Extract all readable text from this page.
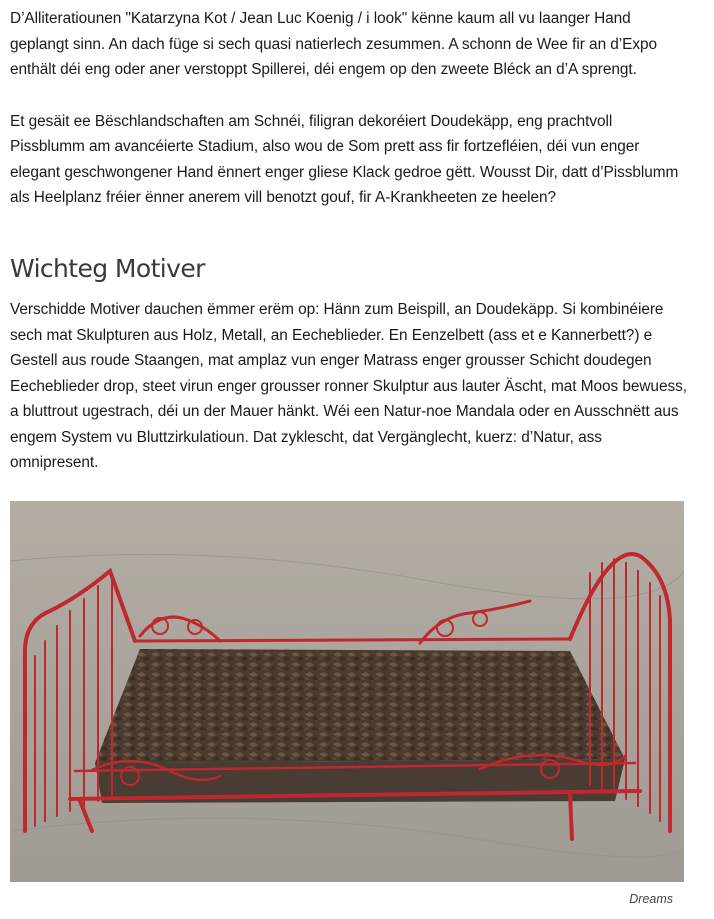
D’Alliteratiounen "Katarzyna Kot / Jean Luc Koenig / i look" kënne kaum all vu laanger Hand geplangt sinn. An dach füge si sech quasi natierlech zesummen. A schonn de Wee fir an d’Expo enthält déi eng oder aner verstoppt Spillerei, déi engem op den zweete Bléck an d’A sprengt.

Et gesäit ee Bëschlandschaften am Schnéi, filigran dekoréiert Doudekäpp, eng prachtvoll Pissblumm am avancéierte Stadium, also wou de Som prett ass fir fortzefléien, déi vun enger elegant geschwongener Hand ënnert enger gliese Klack gedroe gëtt. Wousst Dir, datt d’Pissblumm als Heelplanz fréier ënner anerem vill benotzt gouf, fir A-Krankheeten ze heelen?

Wichteg Motiver

Verschidde Motiver dauchen ëmmer erëm op: Hänn zum Beispill, an Doudekäpp. Si kombinéiere sech mat Skulpturen aus Holz, Metall, an Eecheblieder. En Eenzelbett (ass et e Kannerbett?) e Gestell aus roude Staangen, mat amplaz vun enger Matrass enger grousser Schicht doudegen Eecheblieder drop, steet virun enger grousser ronner Skulptur aus lauter Äscht, mat Moos bewuess, a bluttrout ugestrach, déi un der Mauer hänkt. Wéi een Natur-noe Mandala oder en Ausschnëtt aus engem System vu Bluttzirkulatioun. Dat zyklescht, dat Vergänglecht, kuerz: d’Natur, ass omnipresent.

Dreams
